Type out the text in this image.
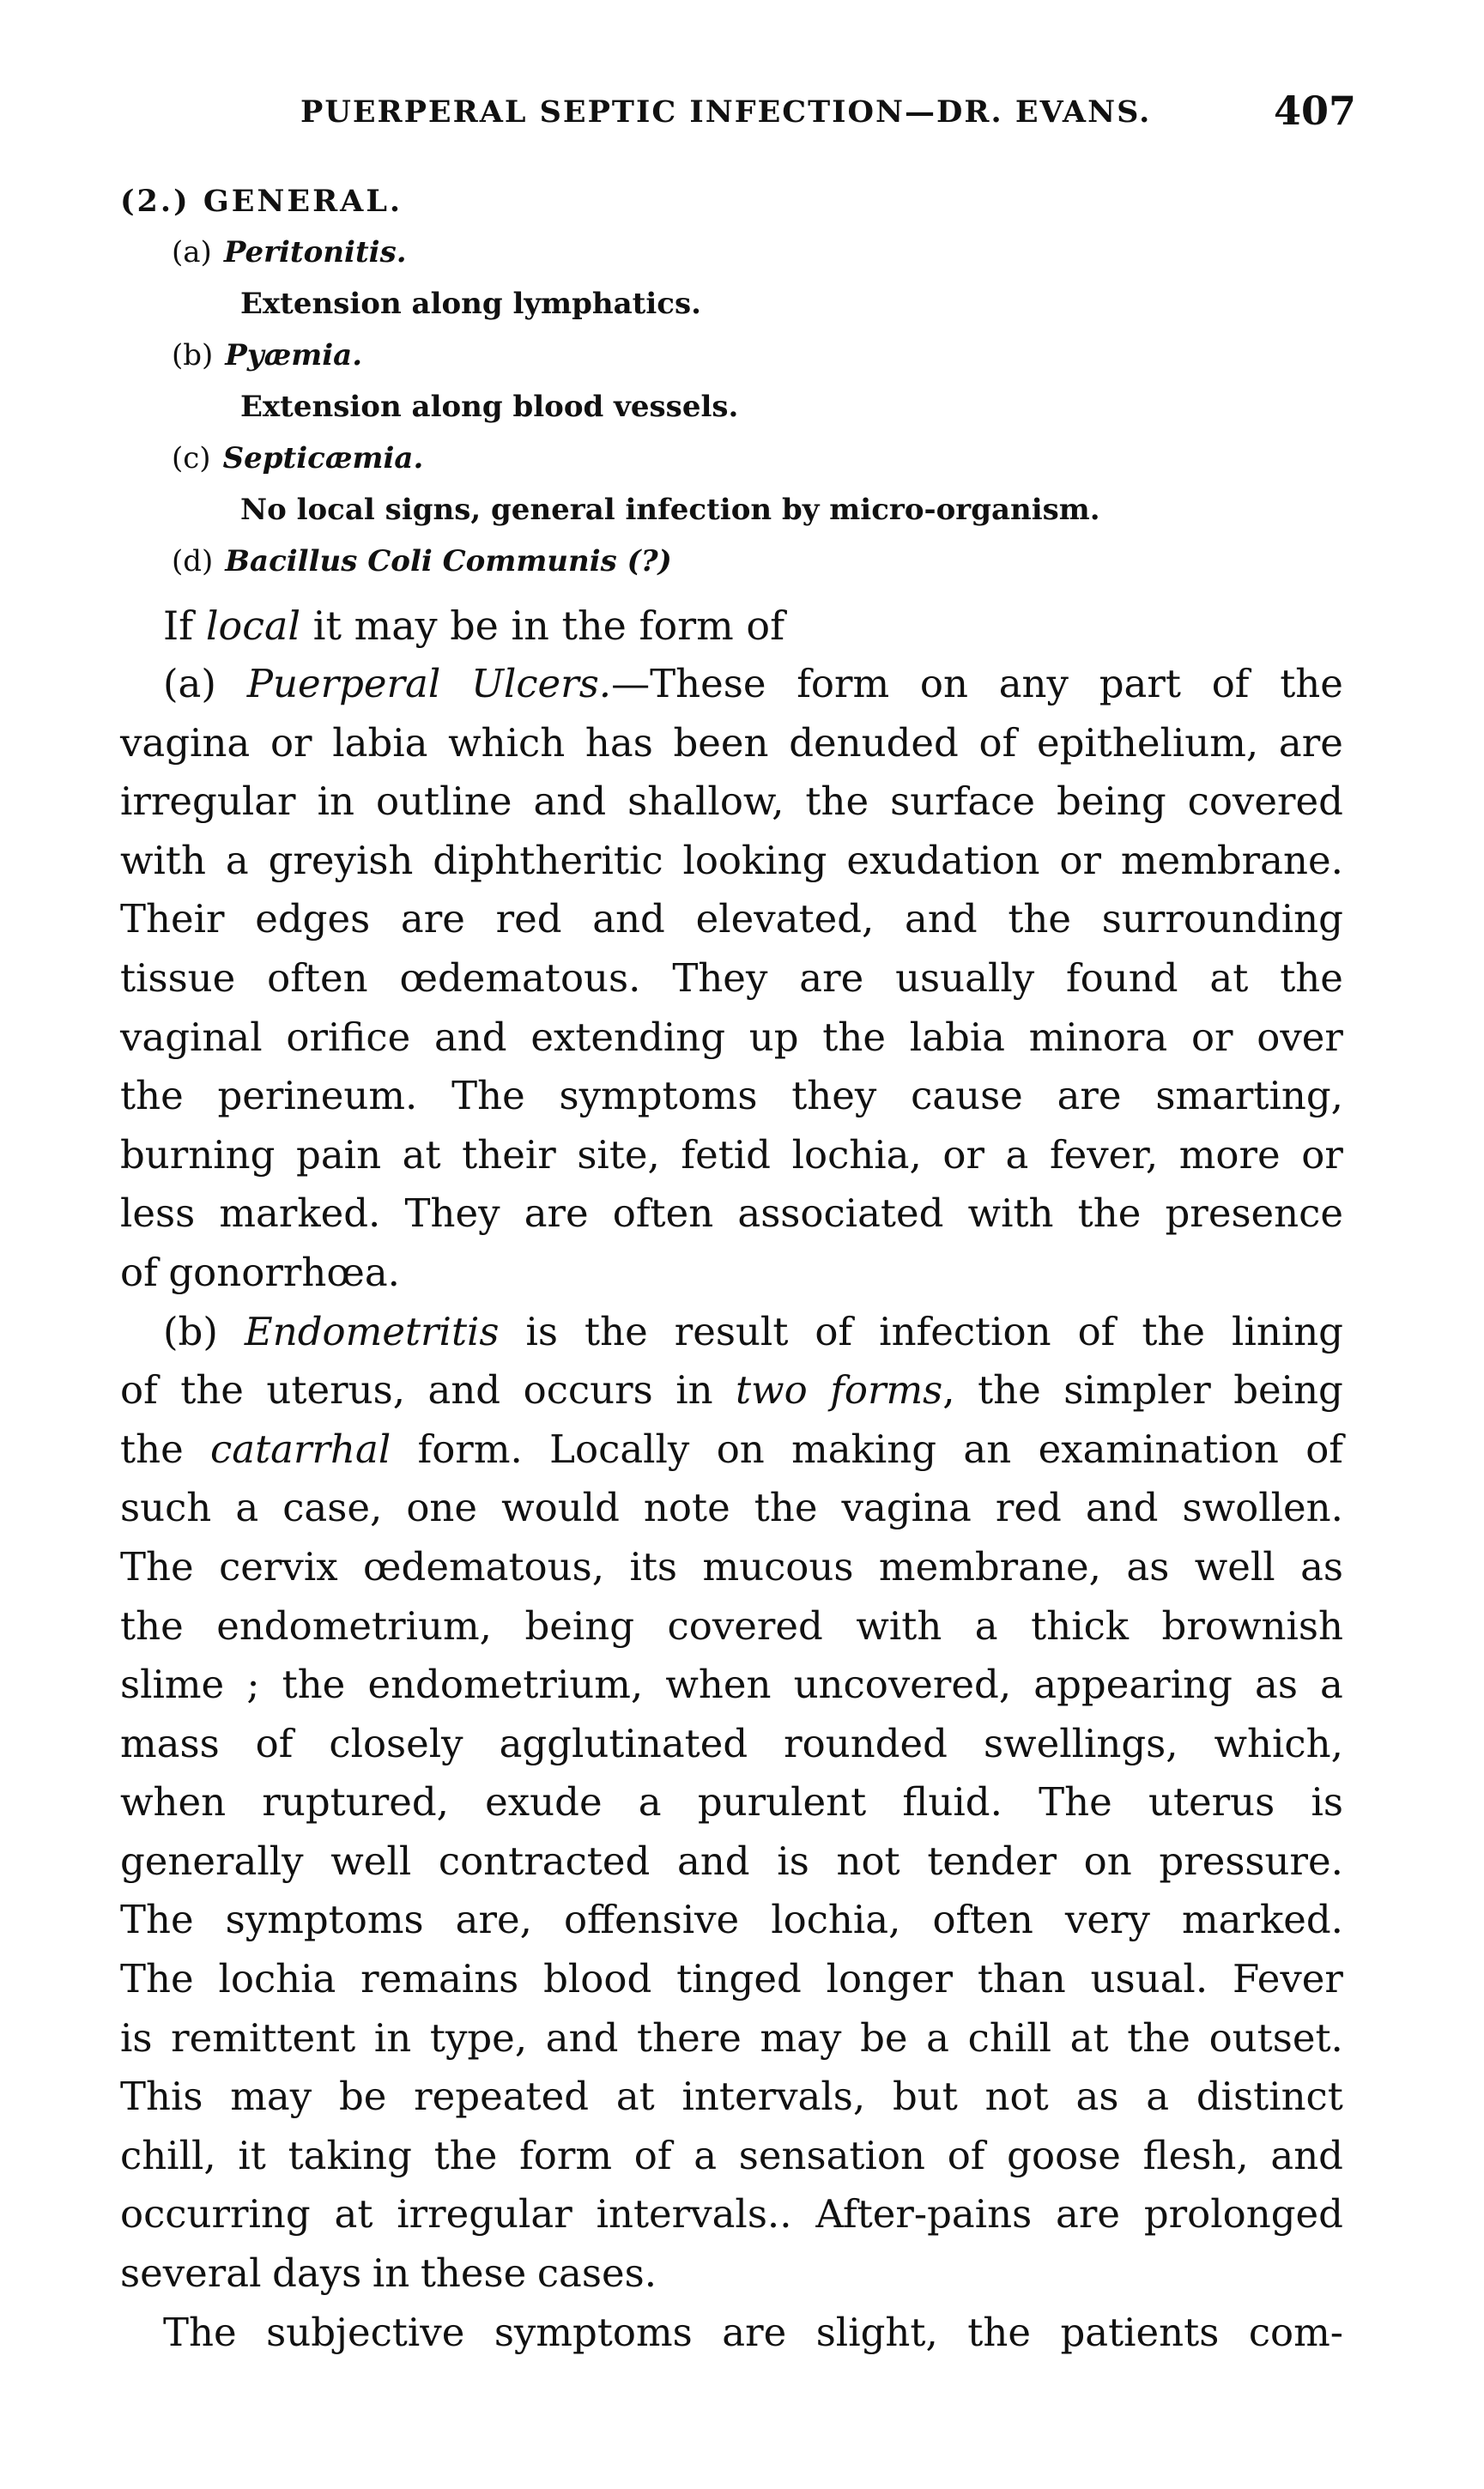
PUERPERAL SEPTIC INFECTION—DR. EVANS.	407
(2.) GENERAL.
(a) Peritonitis.
Extension along lymphatics.
(b) Pyæmia.
Extension along blood vessels.
(c) Septicæmia.
No local signs, general infection by micro-organism.
(d) Bacillus Coli Communis (?)
If local it may be in the form of
(a) Puerperal Ulcers.—These form on any part of the
vagina or labia which has been denuded of epithelium, are
irregular in outline and shallow, the surface being covered
with a greyish diphtheritic looking exudation or membrane.
Their edges are red and elevated, and the surrounding
tissue often œdematous. They are usually found at the
vaginal orifice and extending up the labia minora or over
the perineum. The symptoms they cause are smarting,
burning pain at their site, fetid lochia, or a fever, more or
less marked. They are often associated with the presence
of gonorrhœa.
(b) Endometritis is the result of infection of the lining
of the uterus, and occurs in two forms, the simpler being
the catarrhal form. Locally on making an examination of
such a case, one would note the vagina red and swollen.
The cervix œdematous, its mucous membrane, as well as
the endometrium, being covered with a thick brownish
slime ; the endometrium, when uncovered, appearing as a
mass of closely agglutinated rounded swellings, which,
when ruptured, exude a purulent fluid. The uterus is
generally well contracted and is not tender on pressure.
The symptoms are, offensive lochia, often very marked.
The lochia remains blood tinged longer than usual. Fever
is remittent in type, and there may be a chill at the outset.
This may be repeated at intervals, but not as a distinct
chill, it taking the form of a sensation of goose flesh, and
occurring at irregular intervals.. After-pains are prolonged
several days in these cases.
The subjective symptoms are slight, the patients com-
